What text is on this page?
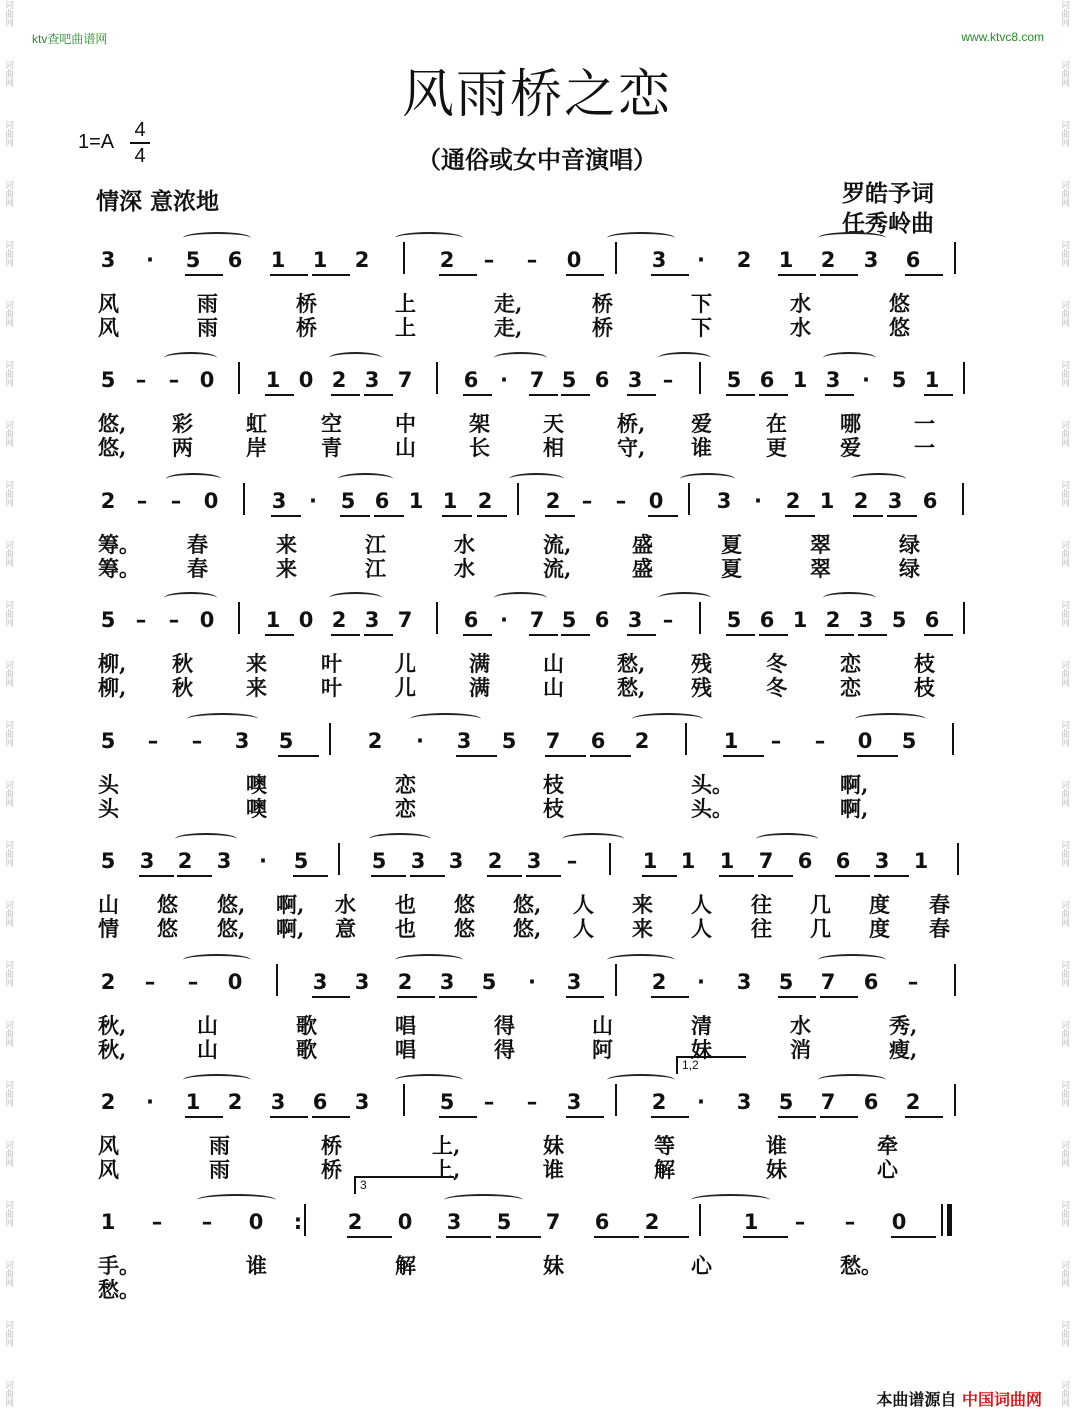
词曲网
词曲网
词曲网
词曲网
词曲网
词曲网
词曲网
词曲网
词曲网
词曲网
词曲网
词曲网
词曲网
词曲网
词曲网
词曲网
词曲网
词曲网
词曲网
词曲网
词曲网
词曲网
词曲网
词曲网
词曲网
词曲网
词曲网
词曲网
词曲网
词曲网
词曲网
词曲网
词曲网
词曲网
词曲网
词曲网
词曲网
词曲网
词曲网
词曲网
词曲网
词曲网
词曲网
词曲网
词曲网
词曲网
词曲网
词曲网
ktv查吧曲谱网	www.ktvc8.com
风雨桥之恋
1=A
4
4	（通俗或女中音演唱）
情深 意浓地	罗皓予词
任秀岭曲
3 · 5 6 1 1 2	2 – – 0	3 · 2 1 2 3 6
风	雨	桥	上	走,	桥	下	水	悠
风	雨	桥	上	走,	桥	下	水	悠
5 – – 0 1 0 2 3 7 6 · 7 5 6 3 –	5 6 1 3 · 5 1
悠, 彩	虹	空	中	架	天	桥, 爱	在	哪	一
悠, 两	岸	青	山	长	相	守, 谁	更	爱	一
2 – – 0	3 · 5 6 1 1 2	2 – – 0	3 · 2 1 2 3 6
筹。 春	来	江	水	流,	盛	夏	翠	绿
筹。 春	来	江	水	流,	盛	夏	翠	绿
5 – – 0 1 0 2 3 7 6 · 7 5 6 3 –	5 6 1 2 3 5 6
柳, 秋	来	叶	儿	满	山	愁, 残	冬	恋	枝
柳, 秋	来	叶	儿	满	山	愁, 残	冬	恋	枝
5 – – 3 5	2 · 3 5 7 6 2	1 – – 0 5
头	噢	恋	枝	头。	啊,
头	噢	恋	枝	头。	啊,
5 3 2 3 · 5	5 3 3 2 3 –	1 1 1 7 6 6 3 1
山 悠 悠, 啊, 水 也 悠 悠, 人 来 人 往 几 度 春
情 悠 悠, 啊, 意 也 悠 悠, 人 来 人 往 几 度 春
2 – – 0	3 3 2 3 5 · 3	2 · 3 5 7 6 –
秋,	山	歌	唱	得	山	清	水	秀,
秋,	山	歌	唱	得	阿	妹	消	瘦,
2 · 1 2 3 6 3	5 – – 3	2 · 3 5 7 6 2
风	雨	桥	上,	妹	等	谁	牵
风	雨	桥	上,	谁	解	妹	心
1 – – 0 : 2 0 3 5 7 6 2	1 – – 0
手。	谁	解	妹	心	愁。
愁。
1,2
3
本曲谱源自 中国词曲网
